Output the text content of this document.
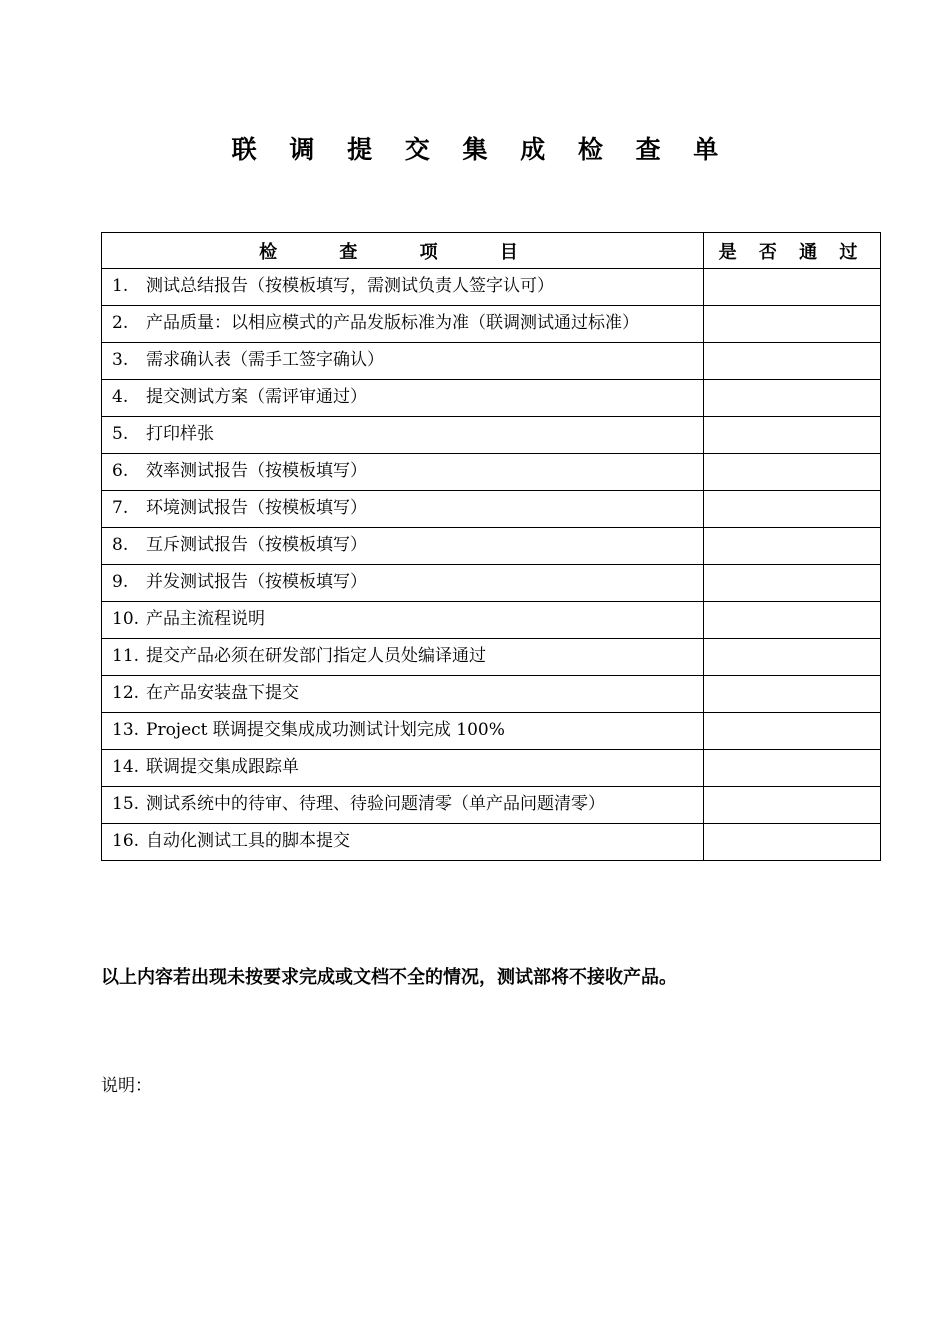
联 调 提 交 集 成 检 查 单
检 查 项 目	是 否 通 过

1. 测试总结报告（按模板填写，需测试负责人签字认可）	

2. 产品质量：以相应模式的产品发版标准为准（联调测试通过标准）	

3. 需求确认表（需手工签字确认）	

4. 提交测试方案（需评审通过）	

5. 打印样张	

6. 效率测试报告（按模板填写）	

7. 环境测试报告（按模板填写）	

8. 互斥测试报告（按模板填写）	

9. 并发测试报告（按模板填写）	

10. 产品主流程说明	

11. 提交产品必须在研发部门指定人员处编译通过	

12. 在产品安装盘下提交	

13. Project 联调提交集成成功测试计划完成 100%	

14. 联调提交集成跟踪单	

15. 测试系统中的待审、待理、待验问题清零（单产品问题清零）	

16. 自动化测试工具的脚本提交	

以上内容若出现未按要求完成或文档不全的情况，测试部将不接收产品。
说明：
